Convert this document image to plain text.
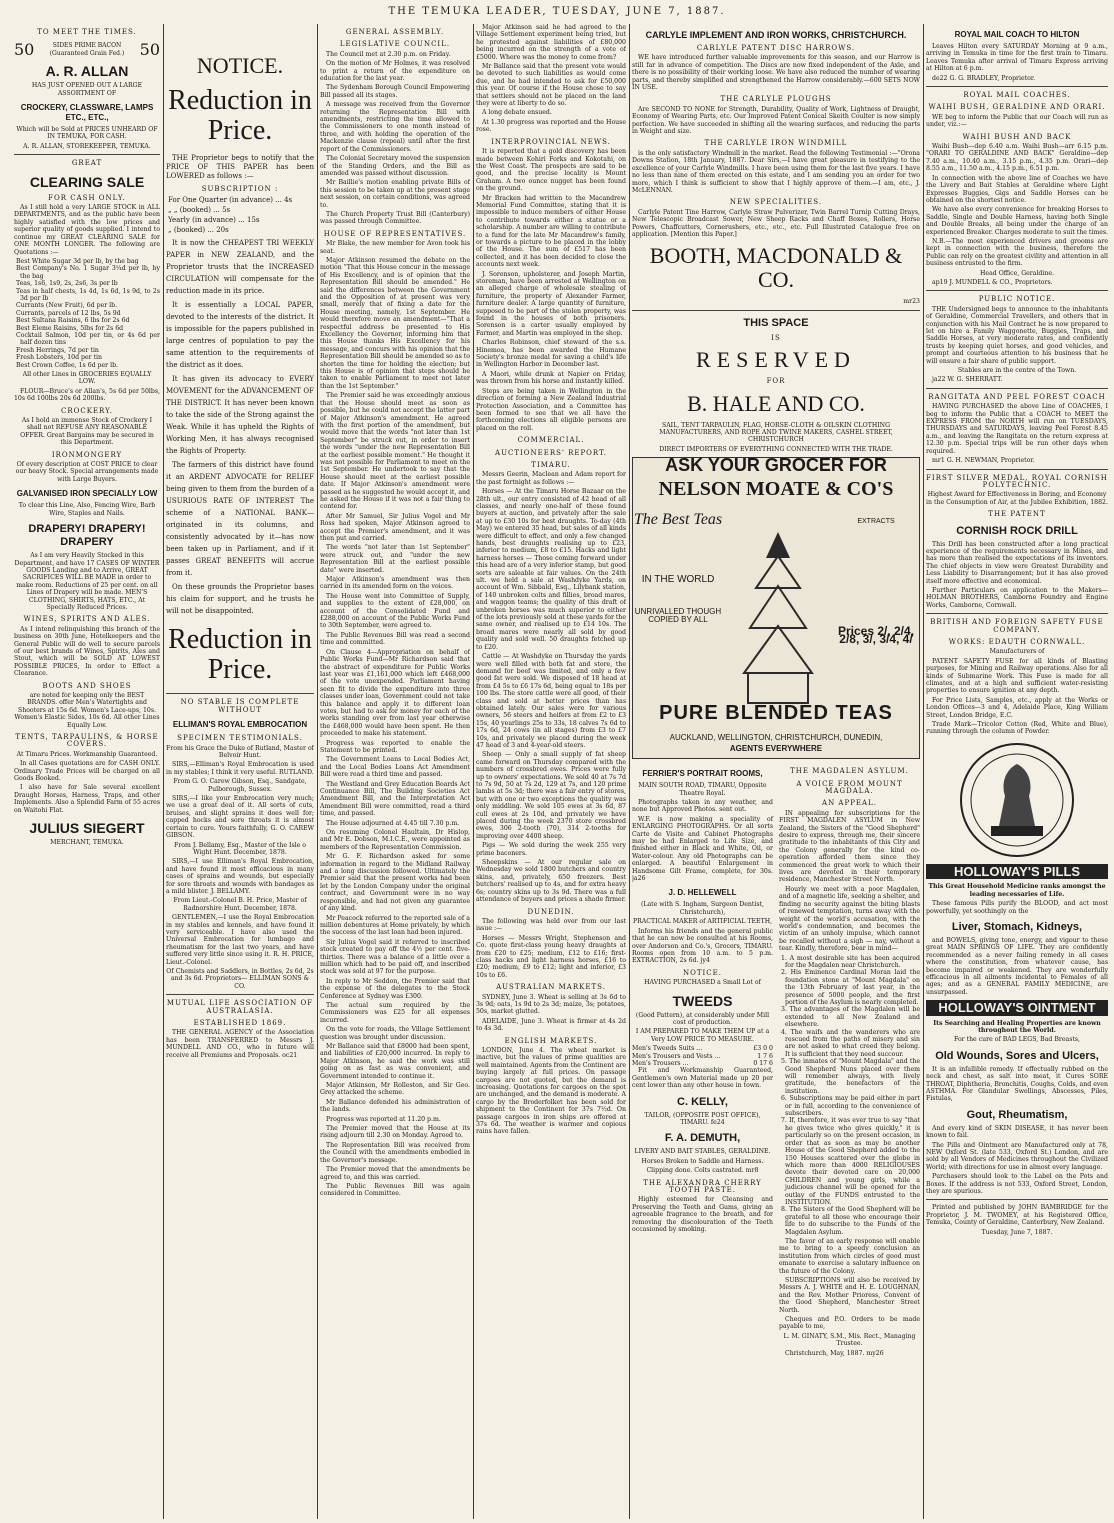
THE TEMUKA LEADER, TUESDAY, JUNE 7, 1887.
TO MEET THE TIMES.
50	SIDES PRIME BACON (Guaranteed Grain Fed.) 50
A. R. ALLAN

HAS JUST OPENED OUT A LARGE ASSORTMENT OF

CROCKERY, CLASSWARE, LAMPS ETC., ETC.,

Which will be Sold at PRICES UNHEARD OF IN TEMUKA, FOR CASH.

A. R. ALLAN, STOREKEEPER, TEMUKA.

GREAT
CLEARING SALE
FOR CASH ONLY.

As I still hold a very LARGE STOCK in ALL DEPARTMENTS, and as the public have been highly satisfied with the low prices and superior quality of goods supplied. I intend to continue my GREAT CLEARING SALE for ONE MONTH LONGER. The following are Quotations :—

Best White Sugar 3d per lb, by the bag
Best Company's No. 1 Sugar 3¼d per lb, by the bag
Teas, 1s6, 1s9, 2s, 2s6, 3s per lb
Teas in half chests, 1s 4d, 1s 6d, 1s 9d, to 2s 3d per lb
Currants (New Fruit), 6d per lb.
Currants, parcels of 12 lbs, 5s 9d
Best Sultana Raisins, 6 lbs for 2s 6d
Best Eleme Raisins, 5lbs for 2s 6d
Cocktail Salmon, 10d per tin, or 4s 6d per half dozen tins
Fresh Herrings, 7d per tin
Fresh Lobsters, 10d per tin
Best Crown Coffee, 1s 6d per lb.

All other Lines in GROCERIES EQUALLY LOW.

FLOUR—Bruce's or Allan's, 5s 6d per 50lbs, 10s 6d 100lbs 20s 6d 200lbs.

CROCKERY.

As I hold an immense Stock of Crockery I shall not REFUSE ANY REASONABLE OFFER. Great Bargains may be secured in this Department.

IRONMONGERY

Of every description at COST PRICE to clear our heavy Stock. Special arrangements made with Large Buyers.

GALVANISED IRON SPECIALLY LOW

To clear this Line, Also, Fencing Wire, Barb Wire, Staples and Nails.

DRAPERY! DRAPERY! DRAPERY

As I am very Heavily Stocked in this Department, and have 17 CASES OF WINTER GOODS Landing and to Arrive, GREAT SACRIFICES WILL BE MADE in order to make room. Reductions of 25 per cent. on all Lines of Drapery will be made. MEN'S CLOTHING, SHIRTS, HATS, ETC., At Specially Reduced Prices.

WINES, SPIRITS AND ALES.

As I intend relinquishing this branch of the business on 30th June, Hotelkeepers and the General Public will do well to secure parcels of our best brands of Wines, Spirits, Ales and Stout, which will be SOLD AT LOWEST POSSIBLE PRICES, In order to Effect a Clearance.

BOOTS AND SHOES

are noted for keeping only the BEST BRANDS. offer Men's Watertights and Shooters at 15s 6d. Women's Lace-ups, 10s. Women's Elastic Sides, 10s 6d. All other Lines Equally Low.

TENTS, TARPAULINS, & HORSE COVERS.

At Timaru Prices. Workmanship Guaranteed.

In all Cases quotations are for CASH ONLY. Ordinary Trade Prices will be charged on all Goods Booked.

I also have for Sale several excellent Draught Horses, Harness, Traps, and other Implements. Also a Splendid Farm of 55 acres on Waitohi Flat.

JULIUS SIEGERT

MERCHANT, TEMUKA.

NOTICE.
Reduction in Price.

THE Proprietor begs to notify that the PRICE OF THIS PAPER has been LOWERED as follows :—

SUBSCRIPTION :
For One Quarter (in advance) ... 4s
„ „ (booked) ... 5s
Yearly (in advance) ... 15s
„ (booked) ... 20s

It is now the CHEAPEST TRI WEEKLY PAPER in NEW ZEALAND, and the Proprietor trusts that the INCREASED CIRCULATION will compensate for the reduction made in its price.

It is essentially a LOCAL PAPER, devoted to the interests of the district. It is impossible for the papers published in large centres of population to pay the same attention to the requirements of the district as it does.

It has given its advocacy to EVERY MOVEMENT for the ADVANCEMENT OF THE DISTRICT. It has never been known to take the side of the Strong against the Weak. While it has upheld the Rights of Working Men, it has always recognised the Rights of Property.

The farmers of this district have found it an ARDENT ADVOCATE for RELIEF being given to them from the burden of a USURIOUS RATE OF INTEREST The scheme of a NATIONAL BANK—originated in its columns, and consistently advocated by it—has now been taken up in Parliament, and if it passes GREAT BENEFITS will accrue from it.

On these grounds the Proprietor bases his claim for support, and he trusts he will not be disappointed.

Reduction in Price.
NO STABLE IS COMPLETE WITHOUT
ELLIMAN'S ROYAL EMBROCATION
SPECIMEN TESTIMONIALS.

From his Grace the Duke of Rutland, Master of Belvoir Hunt.

SIRS,—Elliman's Royal Embrocation is used in my stables; I think it very useful. RUTLAND.

From G. O. Carew Gibson, Esq., Sandgate, Pulborough, Sussex.

SIRS,—I like your Embrocation very much; we use a great deal of it. All sorts of cuts, bruises, and slight sprains it does well for; capped hocks and sore throats it is almost certain to cure. Yours faithfully, G. O. CAREW GIBSON.

From J. Bellamy, Esq., Master of the Isle o Wight Hunt. December, 1878.

SIRS,—I use Elliman's Royal Embrocation, and have found it most efficacious in many cases of sprains and wounds, but especially for sore throats and wounds with bandages as a mild blister. J. BELLAMY.

From Lieut.-Colonel B. H. Price, Master of Radnorshire Hunt. December, 1878.

GENTLEMEN,—I use the Royal Embrocation in my stables and kennels, and have found it very serviceable. I have also used the Universal Embrocation for lumbago and rheumatism for the last two years, and have suffered very little since using it. R. H. PRICE, Lieut.-Colonel.

Of Chemists and Saddlers, in Bottles, 2s 6d, 2s and 3s 6d. Proprietors— ELLIMAN SONS & CO.

MUTUAL LIFE ASSOCIATION OF AUSTRALASIA.
ESTABLISHED 1869.

THE GENERAL AGENCY of the Association has been TRANSFERRED to Messrs J. MUNDELL AND CO., who in future will receive all Premiums and Proposals. oc21

GENERAL ASSEMBLY.
LEGISLATIVE COUNCIL.

The Council met at 2.30 p.m. on Friday.

On the motion of Mr Holmes, it was resolved to print a return of the expenditure on education for the last year.

The Sydenham Borough Council Empowering Bill passed all its stages.

A message was received from the Governor returning the Representation Bill with amendments, restricting the time allowed to the Commissioners to one month instead of three, and with holding the operation of the Mackenzie clause (repeal) until after the first report of the Commissioners.

The Colonial Secretary moved the suspension of the Standing Orders, and the Bill as amended was passed without discussion.

Mr Baillie's motion enabling private Bills of this session to be taken up at the present stage next session, on certain conditions, was agreed to.

The Church Property Trust Bill (Canterbury) was passed through Committee.

HOUSE OF REPRESENTATIVES.

Mr Blake, the new member for Avon took his seat.

Major Atkinson resumed the debate on the motion "That this House concur in the message of His Excellency, and is of opinion that the Representation Bill should be amended." He said the differences between the Government and the Opposition of at present was very small, merely that of fixing a date for the House meeting, namely, 1st September. He would therefore move an amendment—"That a respectful address be presented to His Excellency the Governor, informing him that this House thanks His Excellency for his message, and concurs with his opinion that the Representation Bill should be amended so as to shorten the time for holding the election; but this House is of opinion that steps should be taken to enable Parliament to meet not later than the 1st September."

The Premier said he was exceedingly anxious that the House should meet as soon as possible, but he could not accept the latter part of Major Atkinson's amendment. He agreed with the first portion of the amendment, but would move that the words "not later than 1st September" be struck out, in order to insert the words "under the new Representation Bill at the earliest possible moment." He thought it was not possible for Parliament to meet on the 1st September. He undertook to say that the House should meet at the earliest possible date. If Major Atkinson's amendment were passed as he suggested he would accept it, and he asked the House if it was not a fair thing to contend for.

After Mr Samuel, Sir Julius Vogel and Mr Ross had spoken, Major Atkinson agreed to accept the Premier's amendment, and it was then put and carried.

The words "not later than 1st September" were struck out, and "under the new Representation Bill at the earliest possible date" were inserted.

Major Atkinson's amendment was then carried in its amended form on the voices.

The House went into Committee of Supply, and supplies to the extent of £28,000, on account of the Consolidated Fund and £288,000 on account of the Public Works Fund to 30th September, were agreed to.

The Public Revenues Bill was read a second time and committed.

On Clause 4—Appropriation on behalf of Public Works Fund—Mr Richardson said that the abstract of expenditure for Public Works last year was £1,161,000 which left £468,000 of the vote unexpended. Parliament having seen fit to divide the expenditure into three classes under loan, Government could not take this balance and apply it to different loan votes, but had to ask for money for each of the works standing over from last year otherwise the £468,000 would have been spent. He then proceeded to make his statement.

Progress was reported to enable the Statement to be printed.

The Government Loans to Local Bodies Act, and the Local Bodies Loans Act Amendment Bill were read a third time and passed.

The Westland and Grey Education Boards Act Continuance Bill, The Building Societies Act Amendment Bill, and the Interpretation Act Amendment Bill were committed, read a third time, and passed.

The House adjourned at 4.45 till 7.30 p.m.

On resuming Colonel Haultain, Dr Hislop, and Mr E. Dobson, M.I.C.E., were appointed as members of the Representation Commission.

Mr G. F. Richardson asked for some information in regard to the Midland Railway and a long discussion followed. Ultimately the Premier said that the present works had been let by the London Company under the original contract, and Government were in no way responsible, and had not given any guarantee of any kind.

Mr Peacock referred to the reported sale of a million debentures at Home privately, by which the success of the last loan had been injured.

Sir Julius Vogel said it referred to inscribed stock created to pay off the 4½ per cent. five-thirties. There was a balance of a little over a million which had to be paid off, and inscribed stock was sold at 97 for the purpose.

In reply to Mr Seddon, the Premier said that the expense of the delegates to the Stock Conference at Sydney was £300.

The actual sum required by the Commissioners was £25 for all expenses incurred.

On the vote for roads, the Village Settlement question was brought under discussion.

Mr Ballance said that £8000 had been spent, and liabilities of £20,000 incurred. In reply to Major Atkinson, he said the work was still going on as fast as was convenient, and Government intended to continue it.

Major Atkinson, Mr Rolleston, and Sir Geo. Grey attacked the scheme.

Mr Ballance defended his administration of the lands.

Progress was reported at 11.20 p.m.

The Premier moved that the House at its rising adjourn till 2.30 on Monday. Agreed to.

The Representation Bill was received from the Council with the amendments embodied in the Governor's message.

The Premier moved that the amendments be agreed to, and this was carried.

The Public Revenues Bill was again considered in Committee.

Major Atkinson said he had agreed to the Village Settlement experiment being tried, but he protested against liabilities of £80,000 being incurred on the strength of a vote of £5000. Where was the money to come from?

Mr Ballance said that the present vote would be devoted to such liabilities as would come due, and he had intended to ask for £50,000 this year. Of course if the House chose to say that settlers should not be placed on the land they were at liberty to do so.

A long debate ensued.

At 1.30 progress was reported and the House rose.

INTERPROVINCIAL NEWS.

It is reported that a gold discovery has been made between Kohiri Forks and Kokotahi, on the West Coast. The prospects are said to be good, and the precise locality is Mount Graham. A two ounce nugget has been found on the ground.

Mr Bracken had written to the Macandrew Memorial Fund Committee, stating that it is impossible to induce members of either House to contribute towards either a statue or a scholarship. A number are willing to contribute to a fund for the late Mr Macandrew's family, or towards a picture to be placed in the lobby of the House. The sum of £517 has been collected, and it has been decided to close the accounts next week.

J. Sorenson, upholsterer, and Joseph Martin, storeman, have been arrested at Wellington on an alleged charge of wholesale stealing of furniture, the property of Alexander Farmer, furniture dealer. A large quantity of furniture, supposed to be part of the stolen property, was found in the houses of both prisoners. Sorenson is a carter usually employed by Farmer, and Martin was employed in the shop.

Charles Robinson, chief steward of the s.s. Hinemoa, has been awarded the Humane Society's bronze medal for saving a child's life in Wellington Harbor in December last.

A Maori, while drunk at Napier on Friday, was thrown from his horse and instantly killed.

Steps are being taken in Wellington in the direction of forming a New Zealand Industrial Protection Association, and a Committee has been formed to see that we all have the forthcoming elections all eligible persons are placed on the roll.

COMMERCIAL.
AUCTIONEERS' REPORT.
TIMARU.

Messrs Geerin, Maclean and Adam report for the past fortnight as follows :—

Horses — At the Timaru Horse Bazaar on the 28th ult., our entry consisted of 42 head of all classes, and nearly one-half of these found buyers at auction, and privately after the sale at up to £30 10s for best draughts. To-day (4th May) we entered 35 head, but sales of all kinds were difficult to effect, and only a few changed hands, best draughts realising up to £23, inferior to medium, £8 to £15. Hacks and light harness horses — Those coming forward under this head are of a very inferior stamp, but good sorts are saleable at fair values. On the 24th ult. we held a sale at Washdyke Yards, on account of Wm. Sibbald, Esq., Lilybank station, of 140 unbroken colts and fillies, broad mares, and waggon teams; the quality of this draft of unbroken horses was much superior to either of the lots previously sold at these yards for the same owner, and realised up to £14 10s. The broad mares were nearly all sold by good quality and sold well. 50 draughts fetched up to £20.

Cattle — At Washdyke on Thursday the yards were well filled with both fat and store, the demand for beef was limited, and only a few good fat were sold. We disposed of 18 head at from £4 5s to £6 17s 6d, being equal to 18s per 100 lbs. The store cattle were all good, of their class and sold at better prices than has obtained lately. Our sales were for various owners, 56 steers and heifers at from £2 to £3 15s, 40 yearlings 25s to 33s, 18 calves 7s 6d to 17s 6d, 24 cows (in all stages) from £3 to £7 10s, and privately we placed during the week 47 head of 3 and 4-year-old steers.

Sheep — Only a small supply of fat sheep came forward on Thursday compared with the numbers of crossbred ewes. Prices were fully up to owners' expectations. We sold 40 at 7s 7d to 7s 9d, 50 at 7s 2d, 129 at 7s, and 120 prime lambs at 5s 3d; there was a fair entry of stores, but with one or two exceptions the quality was only middling. We sold 105 ewes at 3s 6d, 87 cull ewes at 2s 10d, and privately we have placed during the week 2370 store crossbred ewes, 306 2-tooth (70), 314 2-tooths for improving over 4400 sheep.

Pigs — We sold during the week 255 very prime baconers.

Sheepskins — At our regular sale on Wednesday we sold 1800 butchers and country skins, and, privately, 650 freezers. Best butchers' realised up to 4s, and for extra heavy 6s; country skins up to 3s 9d. There was a full attendance of buyers and prices a shade firmer.

DUNEDIN.

The following was held over from our last issue :—

Horses — Messrs Wright, Stephenson and Co. quote first-class young heavy draughts at from £20 to £25; medium, £12 to £16; first-class hacks and light harness horses, £16 to £20; medium, £9 to £12; light and inferior, £3 10s to £6.

AUSTRALIAN MARKETS.

SYDNEY, June 3. Wheat is selling at 3s 6d to 3s 9d; oats, 1s 9d to 2s 3d; maize, 3s; potatoes, 50s, market glutted.

ADELAIDE, June 3. Wheat is firmer at 4s 2d to 4s 3d.

ENGLISH MARKETS.

LONDON, June 4. The wheat market is inactive, but the values of prime qualities are well maintained. Agents from the Continent are buying largely at full prices. On passage cargoes are not quoted, but the demand is increasing. Quotations for cargoes on the spot are unchanged, and the demand is moderate. A cargo by the Broderfolket has been sold for shipment to the Continent for 37s 7½d. On passage cargoes in iron ships are offered at 37s 6d. The weather is warmer and copious rains have fallen.

CARLYLE IMPLEMENT AND IRON WORKS, CHRISTCHURCH.
CARLYLE PATENT DISC HARROWS.

WE have introduced further valuable improvements for this season, and our Harrow is still far in advance of competition. The Discs are now fixed independent of the Axle, and there is no possibility of their working loose. We have also reduced the number of wearing parts, and thereby simplified and strengthened the Harrow considerably.—600 SETS NOW IN USE.

THE CARLYLE PLOUGHS

Are SECOND TO NONE for Strength, Durability, Quality of Work, Lightness of Draught, Economy of Wearing Parts, etc. Our Improved Patent Conical Skeith Coulter is now simply perfection. We have succeeded in shifting all the wearing surfaces, and reducing the parts in Weight and size.

THE CARLYLE IRON WINDMILL

is the only satisfactory Windmill in the market. Read the following Testimonial :—"Orona Downs Station, 18th January, 1887. Dear Sirs,—I have great pleasure in testifying to the excellence of your Carlyle Windmills. I have been using them for the last five years. I have no less than nine of them erected on this estate, and I am sending you an order for two more, which I think is sufficient to show that I highly approve of them.—I am, etc., J. McLENNAN.

NEW SPECIALITIES.

Carlyle Patent Tine Harrow, Carlyle Straw Pulverizer, Twin Barrel Turnip Cutting Drays, New Telescopic Broadcast Sower, New Sheep Racks and Chaff Boxes, Rollers, Horse Powers, Chaffcutters, Cornerushers, etc., etc., etc. Full Illustrated Catalogue free on application. [Mention this Paper.]

BOOTH, MACDONALD & CO.

mr23

THIS SPACE
IS
RESERVED
FOR
B. HALE AND CO.

SAIL, TENT TARPAULIN, FLAG, HORSE-CLOTH & OILSKIN CLOTHING MANUFACTURERS, AND ROPE AND TWINE MAKERS, CASHEL STREET, CHRISTCHURCH

DIRECT IMPORTERS OF EVERYTHING CONNECTED WITH THE TRADE.

ASK YOUR GROCER FOR
NELSON MOATE & CO'S
The Best Teas
IN THE WORLD
UNRIVALLED THOUGH COPIED BY ALL
EXTRACTS
Prices 2/, 2/4, 2/8, 3/, 3/4, 4/
PURE BLENDED TEAS
AUCKLAND, WELLINGTON, CHRISTCHURCH, DUNEDIN,
AGENTS EVERYWHERE
FERRIER'S PORTRAIT ROOMS,

MAIN SOUTH ROAD, TIMARU, Opposite Theatre Royal.

Photographs taken in any weather, and none but Approved Photos. sent out.

W.F. is now making a speciality of ENLARGING PHOTOGRAPHS. Or all sorts Carte de Visite and Cabinet Photographs may be had Enlarged to Life Size, and finished either in Black and White, Oil, or Water-colour. Any old Photographs can be enlarged. A beautiful Enlargement in Handsome Gilt Frame, complete, for 30s. ja26

J. D. HELLEWELL

(Late with S. Ingham, Surgeon Dentist, Christchurch),

PRACTICAL MAKER of ARTIFICIAL TEETH,

Informs his friends and the general public that he can now be consulted at his Rooms, over Anderson and Co.'s, Grocers, TIMARU. Rooms open from 10 a.m. to 5 p.m. EXTRACTION, 2s 6d. jy4

NOTICE.

HAVING PURCHASED a Small Lot of

TWEEDS

(Good Pattern), at considerably under Mill cost of production.

I AM PREPARED TO MAKE THEM UP at a Very LOW PRICE TO MEASURE.

Men's Tweeds Suits ...	£3 0 0
Men's Trousers and Vests ...	1 7 6
Men's Trousers ...	0 17 6

Fit and Workmanship Guaranteed, Gentlemen's own Material made up 20 per cent lower than any other house in town.

C. KELLY,

TAILOR, (OPPOSITE POST OFFICE), TIMARU. fe24

F. A. DEMUTH,

LIVERY AND BAIT STABLES, GERALDINE.

Horses Broken to Saddle and Harness.

Clipping done. Colts castrated. mr8

THE ALEXANDRA CHERRY TOOTH PASTE.

Highly esteemed for Cleansing and Preserving the Teeth and Gums, giving an agreeable fragrance to the breath, and for removing the discolouration of the Teeth occasioned by smoking.

THE MAGDALEN ASYLUM.
A VOICE FROM MOUNT MAGDALA.
AN APPEAL.

IN appealing for subscriptions for the FIRST MAGDALEN ASYLUM in New Zealand, the Sisters of the "Good Shepherd" desire to express, through me, their sincere gratitude to the inhabitants of this City and the Colony generally for the kind co-operation afforded them since they commenced the great work to which their lives are devoted in their temporary residence, Manchester Street North.

Hourly we meet with a poor Magdalen, and of a magnetic life, seeking a shelter, and finding no security against the biting blasts of renewed temptation, turns away with the weight of the world's accusation, with the world's condemnation, and becomes the victim of an unholy impulse, which cannot be recalled without a sigh — nay, without a tear. Kindly, therefore, bear in mind—

1. A most desirable site has been acquired for the Magdalen near Christchurch.
2. His Eminence Cardinal Moran laid the foundation stone at "Mount Magdala" on the 13th February of last year, in the presence of 5000 people, and the first portion of the Asylum is nearly completed.
3. The advantages of the Magdalen will be extended to all New Zealand and elsewhere.
4. The waifs and the wanderers who are rescued from the paths of misery and sin are not asked to what creed they belong. It is sufficient that they need succour.
5. The inmates of "Mount Magdala" and the Good Shepherd Nuns placed over them will remember always, with lively gratitude, the benefactors of the institution.
6. Subscriptions may be paid either in part or in full, according to the convenience of subscribers.
7. If, therefore, it was ever true to say "that he gives twice who gives quickly," it is particularly so on the present occasion, in order that as soon as may be another House of the Good Shepherd added to the 150 Houses scattered over the globe in which more than 4000 RELIGIOUSES devote their devoted care on 20,000 CHILDREN and young girls, while a judicious channel will be opened for the outlay of the FUNDS entrusted to the INSTITUTION.
8. The Sisters of the Good Shepherd will be grateful to all those who encourage their life to do subscribe to the Funds of the Magdalen Asylum.

The favor of an early response will enable me to bring to a speedy conclusion an institution from which circles of good must emanate to exercise a salutary influence on the future of the Colony.

SUBSCRIPTIONS will also be received by Messrs A. J. WHITE and H. E. LOUGHNAN, and the Rev. Mother Prioress, Convent of the Good Shepherd, Manchester Street North.

Cheques and P.O. Orders to be made payable to me,

L. M. GINATY, S.M., Mis. Rect., Managing Trustee.

Christchurch, May, 1887. my26

ROYAL MAIL COACH TO HILTON

Leaves Hilton every SATURDAY Morning at 9 a.m., arriving in Temuka in time for the first train to Timaru. Leaves Temuka after arrival of Timaru Express arriving at Hilton at 6 p.m.

de22 G. G. BRADLEY, Proprietor.

ROYAL MAIL COACHES.
WAIHI BUSH, GERALDINE AND ORARI.

WE beg to inform the Public that our Coach will run as under, viz.:—

WAIHI BUSH AND BACK

Waihi Bush—dep 6.40 a.m. Waihi Bush—arr 6.15 p.m. "ORARI TO GERALDINE AND BACK" Geraldine—dep 7.40 a.m., 10.40 a.m., 3.15 p.m., 4.35 p.m. Orari—dep 8.55 a.m., 11.50 a.m., 4.15 p.m., 6.51 p.m.

In connection with the above line of Coaches we have the Livery and Bait Stables at Geraldine where Light Expresses Buggies, Gigs and Saddle Horses can be obtained on the shortest notice.

We have also every convenience for breaking Horses to Saddle, Single and Double Harness, having both Single and Double Breaks, all being under the charge of an experienced Breaker. Charges moderate to suit the times.

N.B.—The most experienced drivers and grooms are kept in connection with the business, therefore the Public can rely on the greatest civility and attention in all business entrusted to the firm.

Head Office, Geraldine.

ap19 J. MUNDELL & CO., Proprietors.

PUBLIC NOTICE.

THE Undersigned begs to announce to the inhabitants of Geraldine, Commercial Travellers, and others that in conjunction with his Mail Contract he is now prepared to let on hire a Family Waggonette, Buggies, Traps, and Saddle Horses, at very moderate rates, and confidently trusts by keeping quiet horses, and good vehicles, and prompt and courteous attention to his business that he will ensure a fair share of public support.

Stables are in the centre of the Town.

ja22 W. G. SHERRATT.

RANGITATA AND PEEL FOREST COACH

HAVING PURCHASED the above Line of COACHES, I beg to inform the Public that a COACH to MEET the EXPRESS FROM the NORTH will run on TUESDAYS, THURSDAYS and SATURDAYS, leaving Peel Forest 8.45 a.m., and leaving the Rangitata on the return express at 12.30 p.m. Special trips will be run other days when required.

mr1 G. H. NEWMAN, Proprietor.

FIRST SILVER MEDAL, ROYAL CORNISH POLYTECHNIC.

Highest Award for Effectiveness in Boring, and Economy in the Consumption of Air, at the Jubilee Exhibition, 1882.

THE PATENT
CORNISH ROCK DRILL

This Drill has been constructed after a long practical experience of the requirements necessary in Mines, and has more than realised the expectations of its inventors. The chief objects in view were Greatest Durability and Less Liability to Disarrangement; but it has also proved itself more effective and economical.

Further Particulars on application to the Makers—HOLMAN BROTHERS, Camborne Foundry and Engine Works, Camborne, Cornwall.

BRITISH AND FOREIGN SAFETY FUSE COMPANY.
WORKS: EDAUTH CORNWALL.

Manufacturers of

PATENT SAFETY FUSE for all kinds of Blasting purposes, for Mining and Railway operations. Also for all kinds of Submarine Work. This Fuse is made for all climates, and at a high and sufficient water-resisting properties to ensure ignition at any depth.

For Price Lists, Samples, etc., apply at the Works or London Offices—3 and 4, Adelaide Place, King William Street, London Bridge, E.C.

Trade Mark—Tricolor Cotton (Red, White and Blue), running through the column of Powder.

HOLLOWAY'S PILLS

This Great Household Medicine ranks amongst the leading necessaries of Life.

These famous Pills purify the BLOOD, and act most powerfully, yet soothingly on the

Liver, Stomach, Kidneys,

and BOWELS, giving tone, energy, and vigour to these great MAIN SPRINGS OF LIFE. They are confidently recommended as a never failing remedy in all cases where the constitution, from whatever cause, has become impaired or weakened. They are wonderfully efficacious in all ailments incidental to Females of all ages; and as a GENERAL FAMILY MEDICINE, are unsurpassed.

HOLLOWAY'S OINTMENT

Its Searching and Healing Properties are known throughout the World.

For the cure of BAD LEGS, Bad Breasts,

Old Wounds, Sores and Ulcers,

It is an infallible remedy. If effectually rubbed on the neck and chest, as salt into meat, it Cures SORE THROAT, Diphtheria, Bronchitis, Coughs, Colds, and even ASTHMA. For Glandular Swellings, Abscesses, Piles, Fistulas,

Gout, Rheumatism,

And every kind of SKIN DISEASE, it has never been known to fail.

The Pills and Ointment are Manufactured only at 78, NEW Oxford St. (late 533, Oxford St.) London, and are sold by all Vendors of Medicines throughout the Civilized World; with directions for use in almost every language.

Purchasers should look to the Label on the Pots and Boxes. If the address is not 533, Oxford Street, London, they are spurious.

Printed and published by JOHN BAMBRIDGE for the Proprietor, J. M. TWOMEY, at his Registered Office, Temuka, County of Geraldine, Canterbury, New Zealand.

Tuesday, June 7, 1887.
